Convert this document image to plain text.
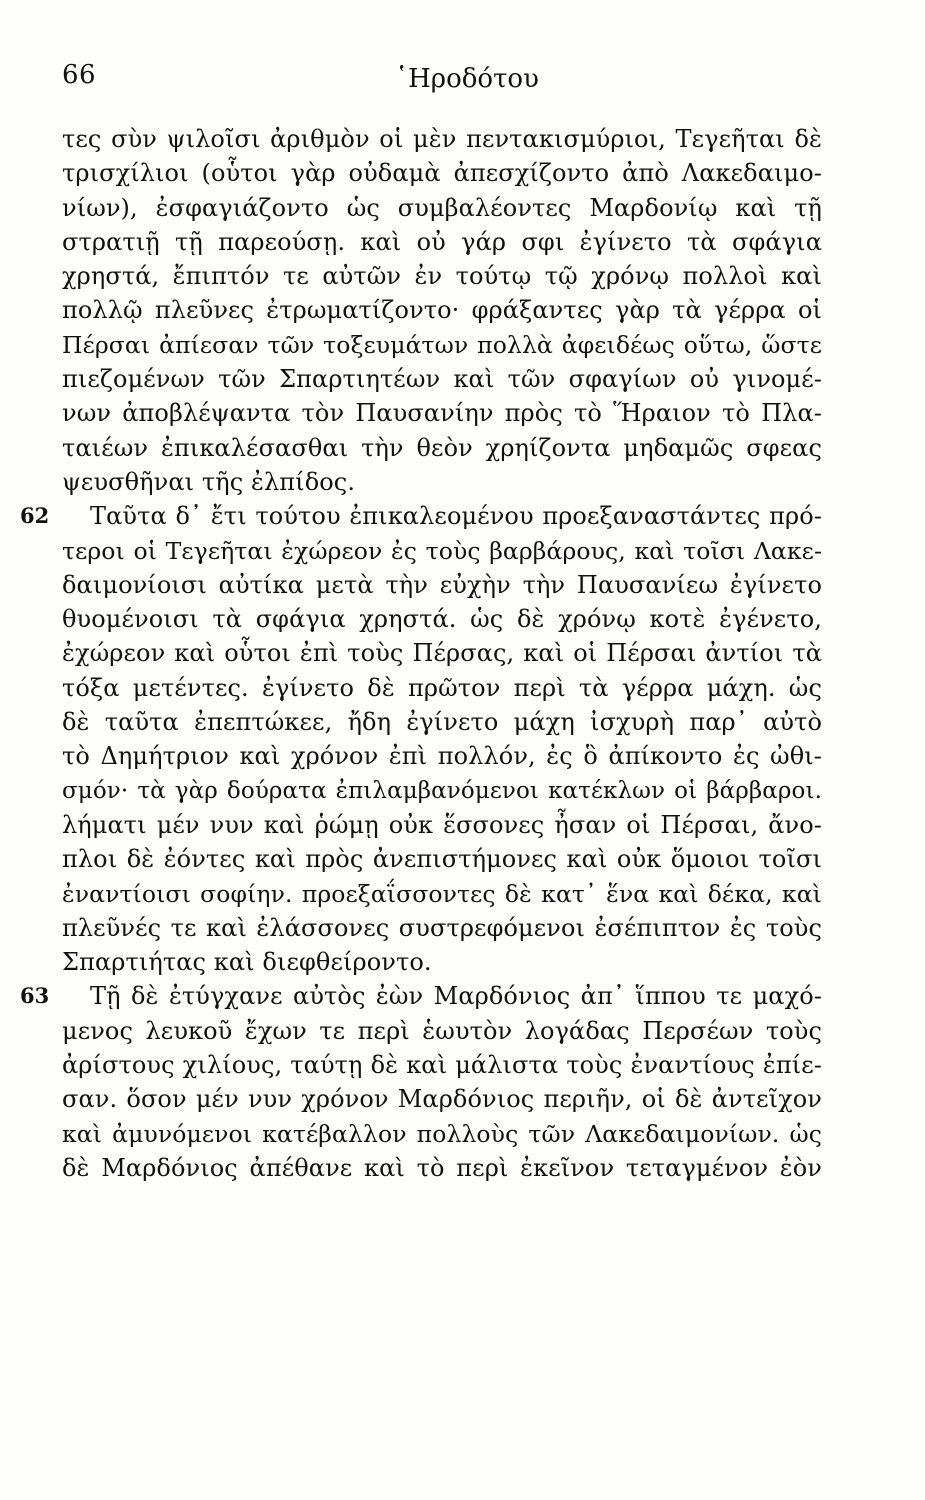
66	῾Ηροδότου
τες σὺν ψιλοῖσι ἀριθμὸν οἱ μὲν πεντακισμύριοι, Τεγεῆται δὲ
τρισχίλιοι (οὗτοι γὰρ οὐδαμὰ ἀπεσχίζοντο ἀπὸ Λακεδαιμο-
νίων), ἐσφαγιάζοντο ὡς συμβαλέοντες Μαρδονίῳ καὶ τῇ
στρατιῇ τῇ παρεούσῃ. καὶ οὐ γάρ σφι ἐγίνετο τὰ σφάγια
χρηστά, ἔπιπτόν τε αὐτῶν ἐν τούτῳ τῷ χρόνῳ πολλοὶ καὶ
πολλῷ πλεῦνες ἐτρωματίζοντο· φράξαντες γὰρ τὰ γέρρα οἱ
Πέρσαι ἀπίεσαν τῶν τοξευμάτων πολλὰ ἀφειδέως οὕτω, ὥστε
πιεζομένων τῶν Σπαρτιητέων καὶ τῶν σφαγίων οὐ γινομέ-
νων ἀποβλέψαντα τὸν Παυσανίην πρὸς τὸ Ἥραιον τὸ Πλα-
ταιέων ἐπικαλέσασθαι τὴν θεὸν χρηίζοντα μηδαμῶς σφεας
ψευσθῆναι τῆς ἐλπίδος.
62	Ταῦτα δ᾽ ἔτι τούτου ἐπικαλεομένου προεξαναστάντες πρό-
τεροι οἱ Τεγεῆται ἐχώρεον ἐς τοὺς βαρβάρους, καὶ τοῖσι Λακε-
δαιμονίοισι αὐτίκα μετὰ τὴν εὐχὴν τὴν Παυσανίεω ἐγίνετο
θυομένοισι τὰ σφάγια χρηστά. ὡς δὲ χρόνῳ κοτὲ ἐγένετο,
ἐχώρεον καὶ οὗτοι ἐπὶ τοὺς Πέρσας, καὶ οἱ Πέρσαι ἀντίοι τὰ
τόξα μετέντες. ἐγίνετο δὲ πρῶτον περὶ τὰ γέρρα μάχη. ὡς
δὲ ταῦτα ἐπεπτώκεε, ἤδη ἐγίνετο μάχη ἰσχυρὴ παρ᾽ αὐτὸ
τὸ Δημήτριον καὶ χρόνον ἐπὶ πολλόν, ἐς ὃ ἀπίκοντο ἐς ὠθι-
σμόν· τὰ γὰρ δούρατα ἐπιλαμβανόμενοι κατέκλων οἱ βάρβαροι.
λήματι μέν νυν καὶ ῥώμῃ οὐκ ἕσσονες ἦσαν οἱ Πέρσαι, ἄνο-
πλοι δὲ ἐόντες καὶ πρὸς ἀνεπιστήμονες καὶ οὐκ ὅμοιοι τοῖσι
ἐναντίοισι σοφίην. προεξαΐσσοντες δὲ κατ᾽ ἕνα καὶ δέκα, καὶ
πλεῦνές τε καὶ ἐλάσσονες συστρεφόμενοι ἐσέπιπτον ἐς τοὺς
Σπαρτιήτας καὶ διεφθείροντο.
63	Τῇ δὲ ἐτύγχανε αὐτὸς ἐὼν Μαρδόνιος ἀπ᾽ ἵππου τε μαχό-
μενος λευκοῦ ἔχων τε περὶ ἑωυτὸν λογάδας Περσέων τοὺς
ἀρίστους χιλίους, ταύτῃ δὲ καὶ μάλιστα τοὺς ἐναντίους ἐπίε-
σαν. ὅσον μέν νυν χρόνον Μαρδόνιος περιῆν, οἱ δὲ ἀντεῖχον
καὶ ἀμυνόμενοι κατέβαλλον πολλοὺς τῶν Λακεδαιμονίων. ὡς
δὲ Μαρδόνιος ἀπέθανε καὶ τὸ περὶ ἐκεῖνον τεταγμένον ἐὸν
